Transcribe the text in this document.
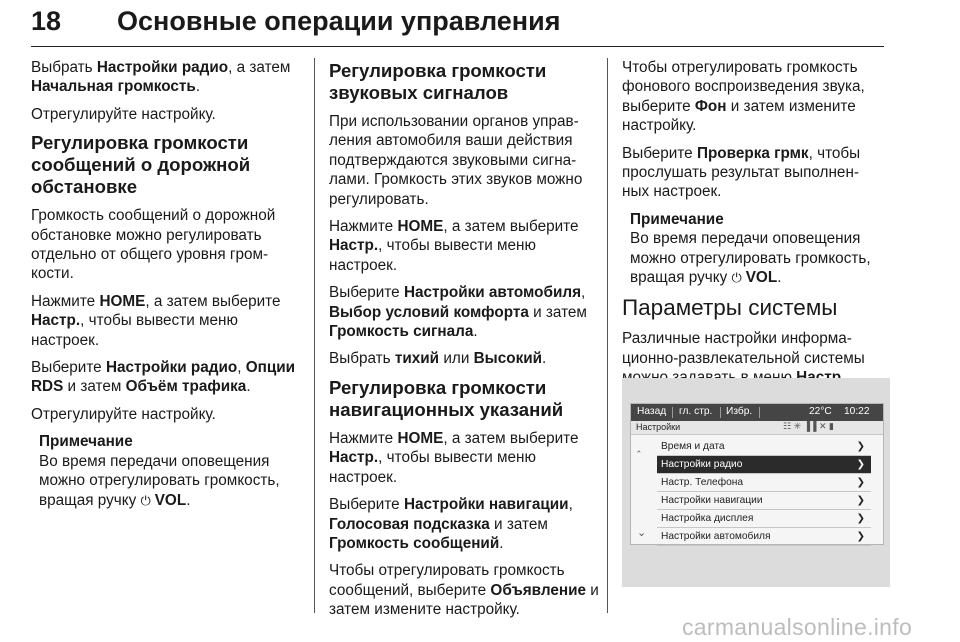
18 Основные операции управления

Выбрать Настройки радио, а затем Начальная громкость.

Отрегулируйте настройку.

Регулировка громкости сообщений о дорожной обстановке

Громкость сообщений о дорожной обстановке можно регулировать отдельно от общего уровня гром- кости.

Нажмите HOME, а затем выберите Настр., чтобы вывести меню настроек.

Выберите Настройки радио, Опции RDS и затем Объём трафика.

Отрегулируйте настройку.

Примечание
Во время передачи оповещения можно отрегулировать громкость, вращая ручку ⏻ VOL.
Регулировка громкости звуковых сигналов

При использовании органов управ- ления автомобиля ваши действия подтверждаются звуковыми сигна- лами. Громкость этих звуков можно регулировать.

Нажмите HOME, а затем выберите Настр., чтобы вывести меню настроек.

Выберите Настройки автомобиля, Выбор условий комфорта и затем Громкость сигнала.

Выбрать тихий или Высокий.

Регулировка громкости навигационных указаний

Нажмите HOME, а затем выберите Настр., чтобы вывести меню настроек.

Выберите Настройки навигации, Голосовая подсказка и затем Громкость сообщений.

Чтобы отрегулировать громкость сообщений, выберите Объявление и затем измените настройку.

Чтобы отрегулировать громкость фонового воспроизведения звука, выберите Фон и затем измените настройку.

Выберите Проверка грмк, чтобы прослушать результат выполнен- ных настроек.

Примечание
Во время передачи оповещения можно отрегулировать громкость, вращая ручку ⏻ VOL.
Параметры системы

Различные настройки информа- ционно-развлекательной системы

Назад гл. стр. Избр.	22°C 10:22
Настройки	☷ ✳ ▐▐ ✕ ▮
‸	Время и дата	❯
Настройки радио	❯
Настр. Телефона	❯
Настройки навигации	❯
Настройка дисплея	❯
Настройки автомобиля	❯
⌄
carmanualsonline.info
